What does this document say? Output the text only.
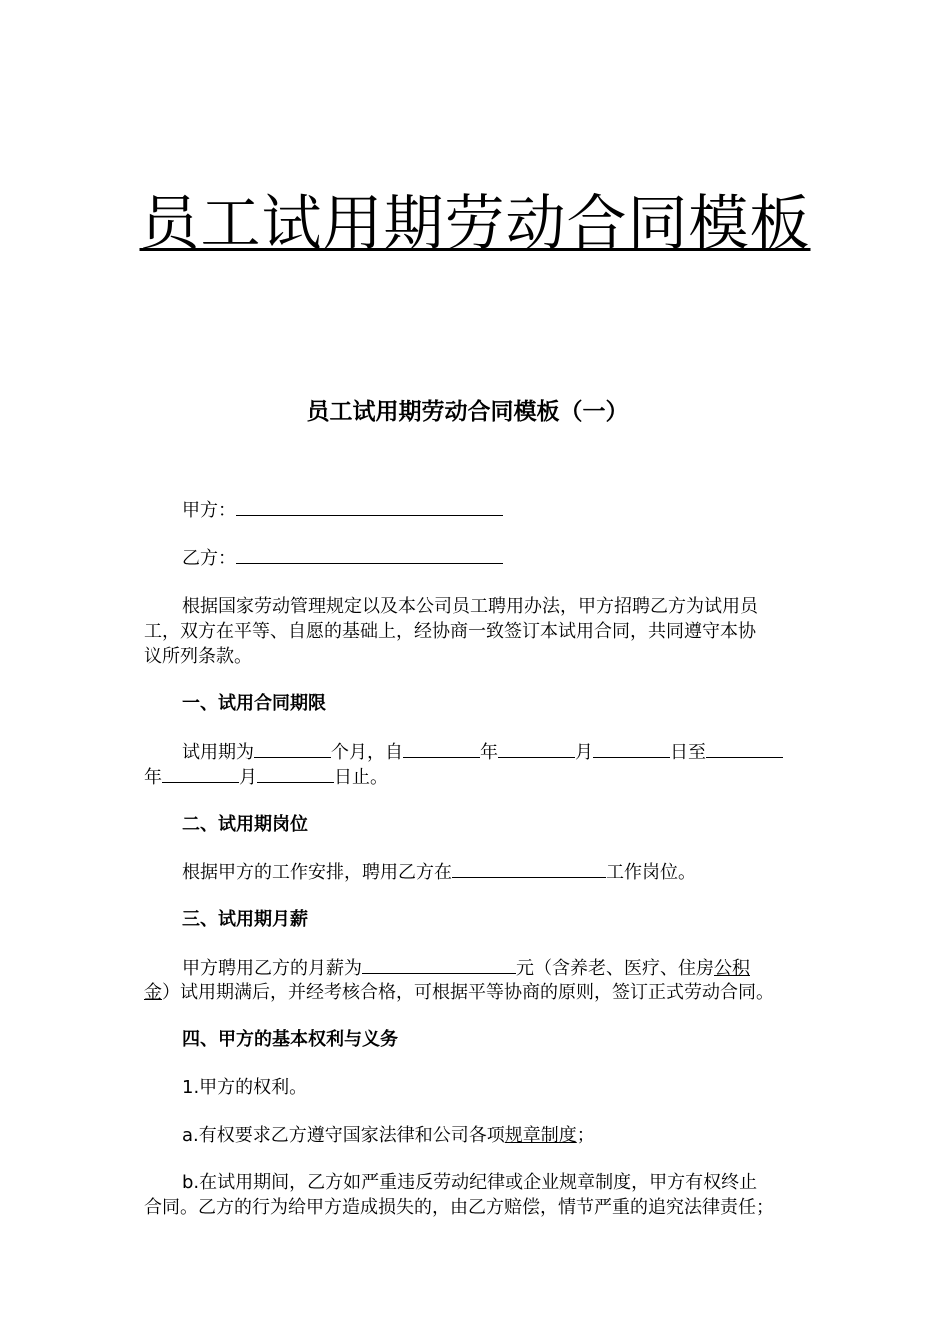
员工试用期劳动合同模板
员工试用期劳动合同模板（一）
甲方：
乙方：
根据国家劳动管理规定以及本公司员工聘用办法，甲方招聘乙方为试用员
工，双方在平等、自愿的基础上，经协商一致签订本试用合同，共同遵守本协
议所列条款。
一、试用合同期限
试用期为	个月，自	年	月	日至
年	月	日止。
二、试用期岗位
根据甲方的工作安排，聘用乙方在	工作岗位。
三、试用期月薪
甲方聘用乙方的月薪为	元（含养老、医疗、住房公积
金）试用期满后，并经考核合格，可根据平等协商的原则，签订正式劳动合同。
四、甲方的基本权利与义务
1.甲方的权利。
a.有权要求乙方遵守国家法律和公司各项规章制度；
b.在试用期间，乙方如严重违反劳动纪律或企业规章制度，甲方有权终止
合同。乙方的行为给甲方造成损失的，由乙方赔偿，情节严重的追究法律责任；
